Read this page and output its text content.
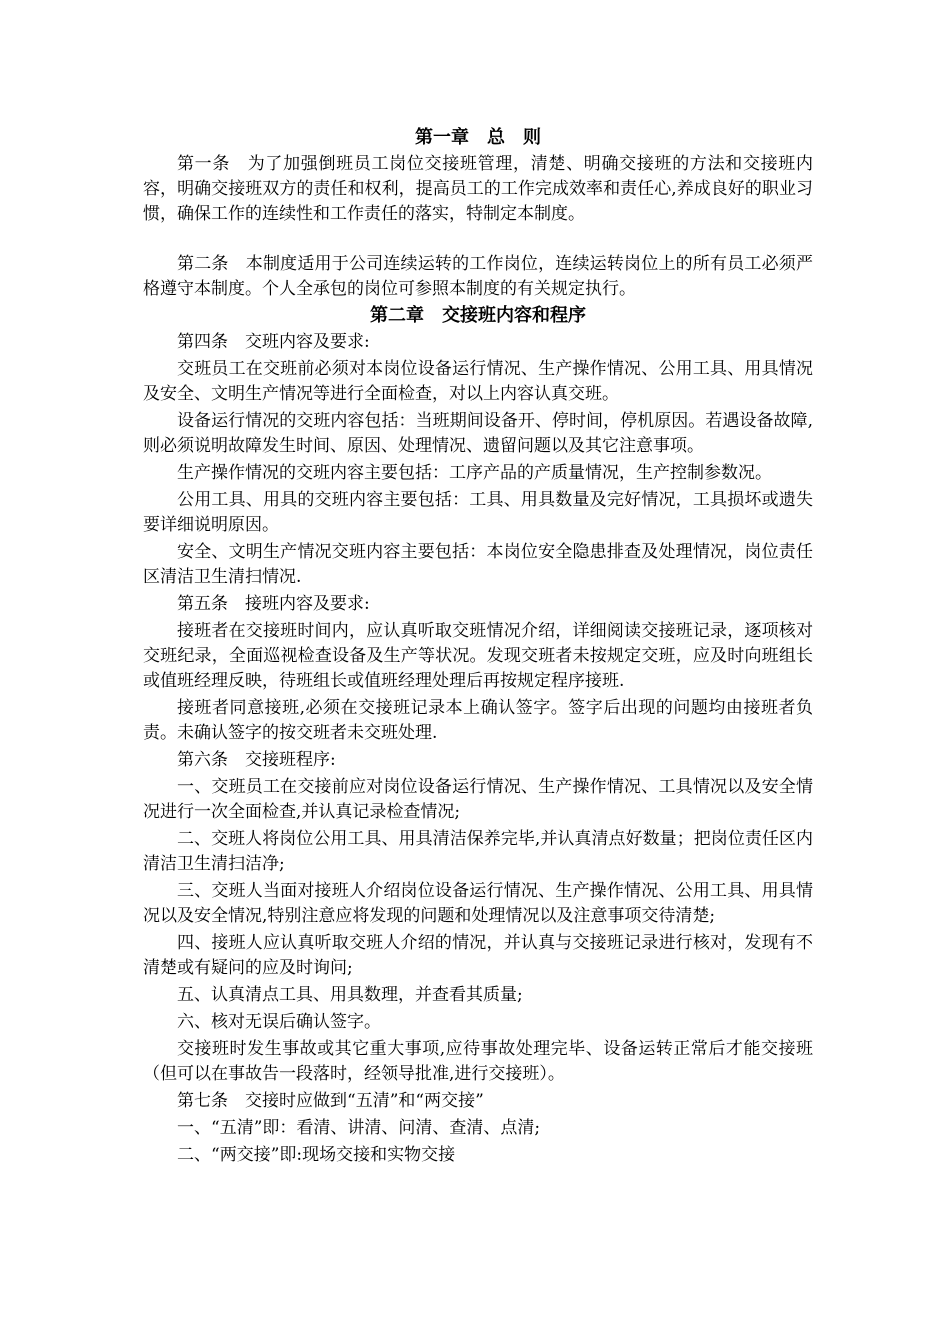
第一章　总　则

第一条　为了加强倒班员工岗位交接班管理，清楚、明确交接班的方法和交接班内容，明确交接班双方的责任和权利，提高员工的工作完成效率和责任心,养成良好的职业习惯，确保工作的连续性和工作责任的落实，特制定本制度。

第二条　本制度适用于公司连续运转的工作岗位，连续运转岗位上的所有员工必须严格遵守本制度。个人全承包的岗位可参照本制度的有关规定执行。

第二章　交接班内容和程序

第四条　交班内容及要求:

交班员工在交班前必须对本岗位设备运行情况、生产操作情况、公用工具、用具情况及安全、文明生产情况等进行全面检查，对以上内容认真交班。

设备运行情况的交班内容包括：当班期间设备开、停时间，停机原因。若遇设备故障,则必须说明故障发生时间、原因、处理情况、遗留问题以及其它注意事项。

生产操作情况的交班内容主要包括：工序产品的产质量情况，生产控制参数况。

公用工具、用具的交班内容主要包括：工具、用具数量及完好情况，工具损坏或遗失要详细说明原因。

安全、文明生产情况交班内容主要包括：本岗位安全隐患排查及处理情况，岗位责任区清洁卫生清扫情况.

第五条　接班内容及要求:

接班者在交接班时间内，应认真听取交班情况介绍，详细阅读交接班记录，逐项核对交班纪录，全面巡视检查设备及生产等状况。发现交班者未按规定交班，应及时向班组长或值班经理反映，待班组长或值班经理处理后再按规定程序接班.

接班者同意接班,必须在交接班记录本上确认签字。签字后出现的问题均由接班者负责。未确认签字的按交班者未交班处理.

第六条　交接班程序:

一、交班员工在交接前应对岗位设备运行情况、生产操作情况、工具情况以及安全情况进行一次全面检查,并认真记录检查情况;

二、交班人将岗位公用工具、用具清洁保养完毕,并认真清点好数量；把岗位责任区内清洁卫生清扫洁净;

三、交班人当面对接班人介绍岗位设备运行情况、生产操作情况、公用工具、用具情况以及安全情况,特别注意应将发现的问题和处理情况以及注意事项交待清楚;

四、接班人应认真听取交班人介绍的情况，并认真与交接班记录进行核对，发现有不清楚或有疑问的应及时询问;

五、认真清点工具、用具数理，并查看其质量;

六、核对无误后确认签字。

交接班时发生事故或其它重大事项,应待事故处理完毕、设备运转正常后才能交接班（但可以在事故告一段落时，经领导批准,进行交接班）。

第七条　交接时应做到“五清”和“两交接”

一、“五清”即：看清、讲清、问清、查清、点清;

二、“两交接”即:现场交接和实物交接
